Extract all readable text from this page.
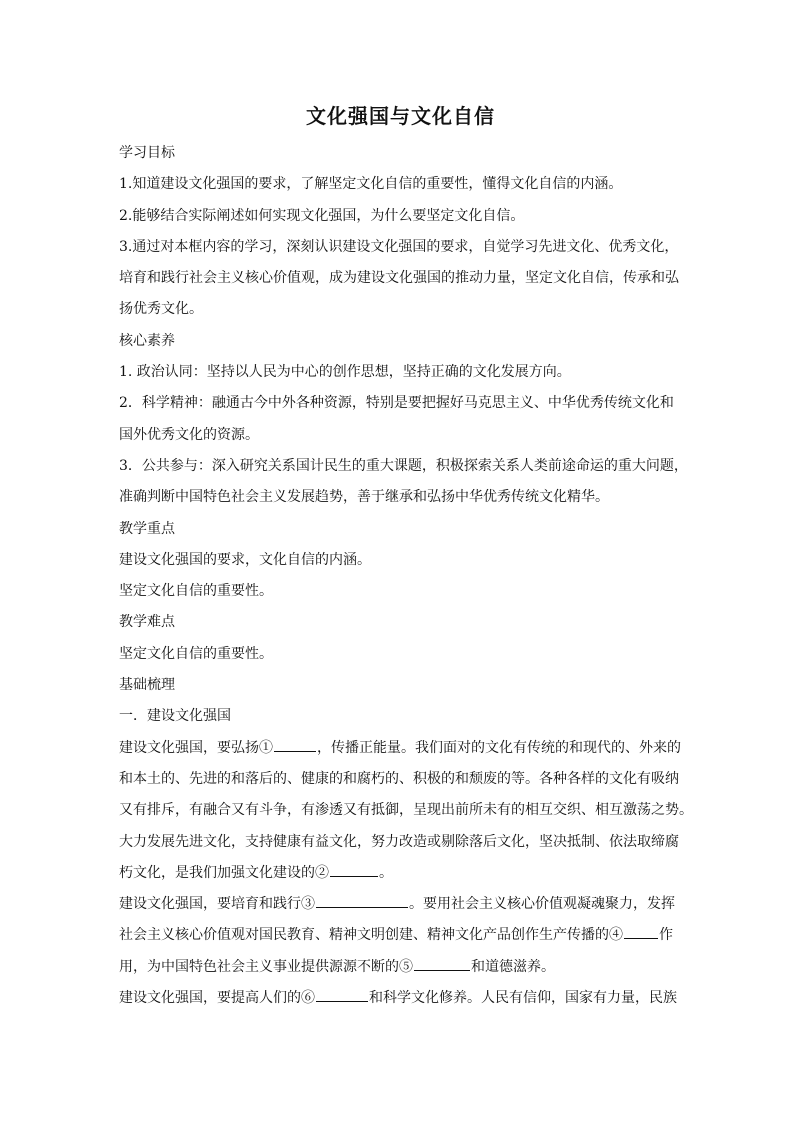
文化强国与文化自信
学习目标
1.知道建设文化强国的要求，了解坚定文化自信的重要性，懂得文化自信的内涵。
2.能够结合实际阐述如何实现文化强国，为什么要坚定文化自信。
3.通过对本框内容的学习，深刻认识建设文化强国的要求，自觉学习先进文化、优秀文化，
培育和践行社会主义核心价值观，成为建设文化强国的推动力量，坚定文化自信，传承和弘
扬优秀文化。
核心素养
1. 政治认同：坚持以人民为中心的创作思想，坚持正确的文化发展方向。
2．科学精神：融通古今中外各种资源，特别是要把握好马克思主义、中华优秀传统文化和
国外优秀文化的资源。
3．公共参与：深入研究关系国计民生的重大课题，积极探索关系人类前途命运的重大问题，
准确判断中国特色社会主义发展趋势，善于继承和弘扬中华优秀传统文化精华。
教学重点
建设文化强国的要求，文化自信的内涵。
坚定文化自信的重要性。
教学难点
坚定文化自信的重要性。
基础梳理
一．建设文化强国
建设文化强国，要弘扬①	，传播正能量。我们面对的文化有传统的和现代的、外来的
和本土的、先进的和落后的、健康的和腐朽的、积极的和颓废的等。各种各样的文化有吸纳
又有排斥，有融合又有斗争，有渗透又有抵御，呈现出前所未有的相互交织、相互激荡之势。
大力发展先进文化，支持健康有益文化，努力改造或剔除落后文化，坚决抵制、依法取缔腐
朽文化，是我们加强文化建设的②	。
建设文化强国，要培育和践行③	。要用社会主义核心价值观凝魂聚力，发挥
社会主义核心价值观对国民教育、精神文明创建、精神文化产品创作生产传播的④	作
用，为中国特色社会主义事业提供源源不断的⑤	和道德滋养。
建设文化强国，要提高人们的⑥	和科学文化修养。人民有信仰，国家有力量，民族
